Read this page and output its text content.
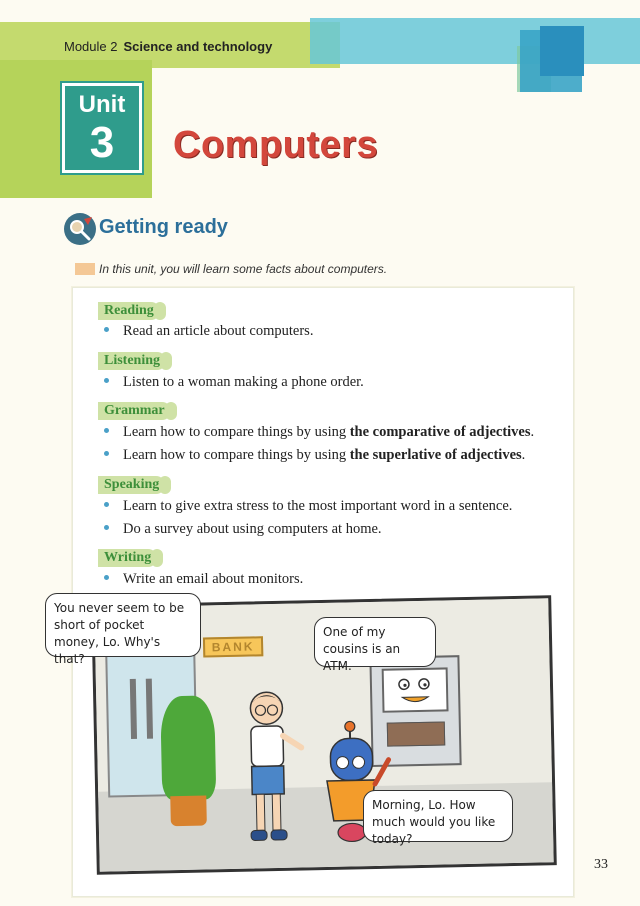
Module 2 Science and technology
Unit
3	Computers
Getting ready
In this unit, you will learn some facts about computers.
Reading
Read an article about computers.
Listening
Listen to a woman making a phone order.
Grammar
Learn how to compare things by using the comparative of adjectives.
Learn how to compare things by using the superlative of adjectives.
Speaking
Learn to give extra stress to the most important word in a sentence.
Do a survey about using computers at home.
Writing
Write an email about monitors.
BANK
You never seem to be short of pocket money, Lo. Why's that?
One of my cousins is an ATM.
Morning, Lo. How much would you like today?
33
